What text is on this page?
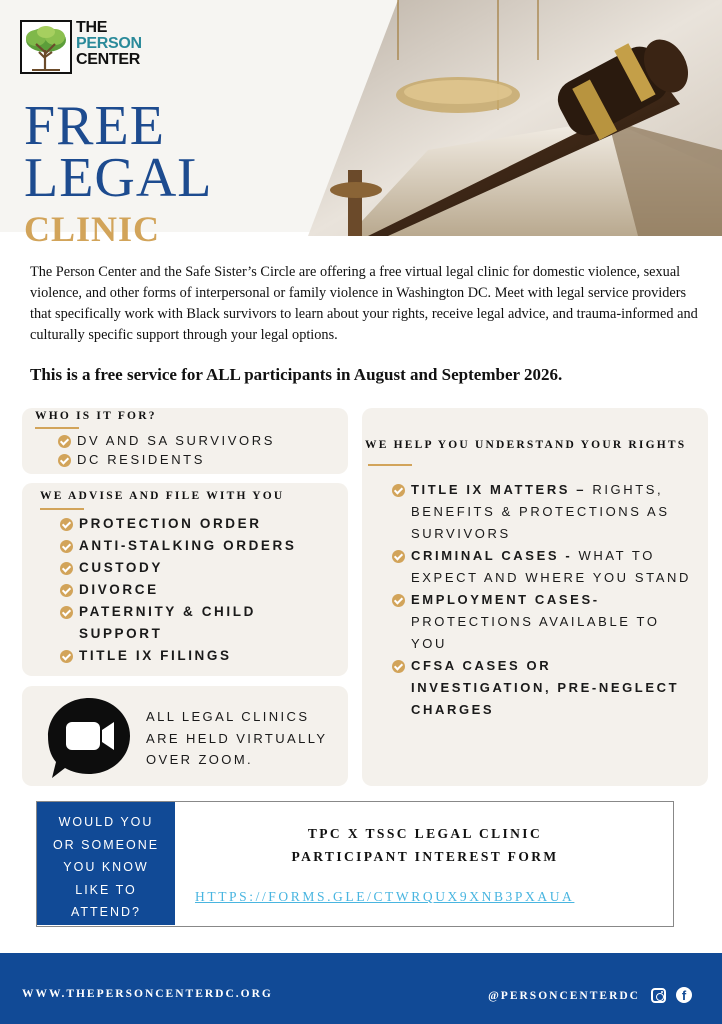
THE
PERSON
CENTER
FREE
LEGAL
CLINIC

The Person Center and the Safe Sister’s Circle are offering a free virtual legal clinic for domestic violence, sexual violence, and other forms of interpersonal or family violence in Washington DC. Meet with legal service providers that specifically work with Black survivors to learn about your rights, receive legal advice, and trauma-informed and culturally specific support through your legal options.

This is a free service for ALL participants in August and September 2026.

WHO IS IT FOR?
DV AND SA SURVIVORS
DC RESIDENTS
WE ADVISE AND FILE WITH YOU
PROTECTION ORDER
ANTI-STALKING ORDERS
CUSTODY
DIVORCE
PATERNITY & CHILD SUPPORT
TITLE IX FILINGS
ALL LEGAL CLINICS ARE HELD VIRTUALLY OVER ZOOM.
WE HELP YOU UNDERSTAND YOUR RIGHTS
TITLE IX MATTERS – RIGHTS, BENEFITS & PROTECTIONS AS SURVIVORS
CRIMINAL CASES - WHAT TO EXPECT AND WHERE YOU STAND
EMPLOYMENT CASES- PROTECTIONS AVAILABLE TO YOU
CFSA CASES OR INVESTIGATION, PRE-NEGLECT CHARGES
WOULD YOU
OR SOMEONE
YOU KNOW
LIKE TO
ATTEND?
TPC X TSSC LEGAL CLINIC
PARTICIPANT INTEREST FORM
HTTPS://FORMS.GLE/CTWRQUX9XNB3PXAUA
WWW.THEPERSONCENTERDC.ORG	@PERSONCENTERDC	f
